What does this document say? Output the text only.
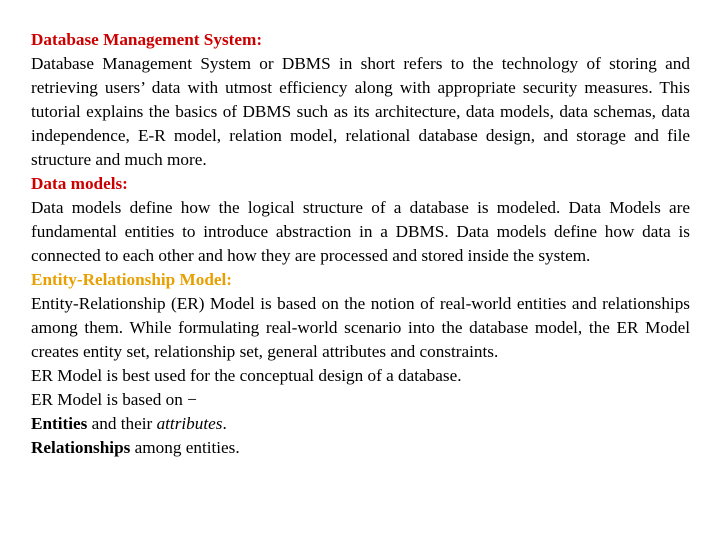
Database Management System:

Database Management System or DBMS in short refers to the technology of storing and retrieving users’ data with utmost efficiency along with appropriate security measures. This tutorial explains the basics of DBMS such as its architecture, data models, data schemas, data independence, E-R model, relation model, relational database design, and storage and file structure and much more.

Data models:

Data models define how the logical structure of a database is modeled. Data Models are fundamental entities to introduce abstraction in a DBMS. Data models define how data is connected to each other and how they are processed and stored inside the system.

Entity-Relationship Model:

Entity-Relationship (ER) Model is based on the notion of real-world entities and relationships among them. While formulating real-world scenario into the database model, the ER Model creates entity set, relationship set, general attributes and constraints.

ER Model is best used for the conceptual design of a database.

ER Model is based on −

Entities and their attributes.

Relationships among entities.
